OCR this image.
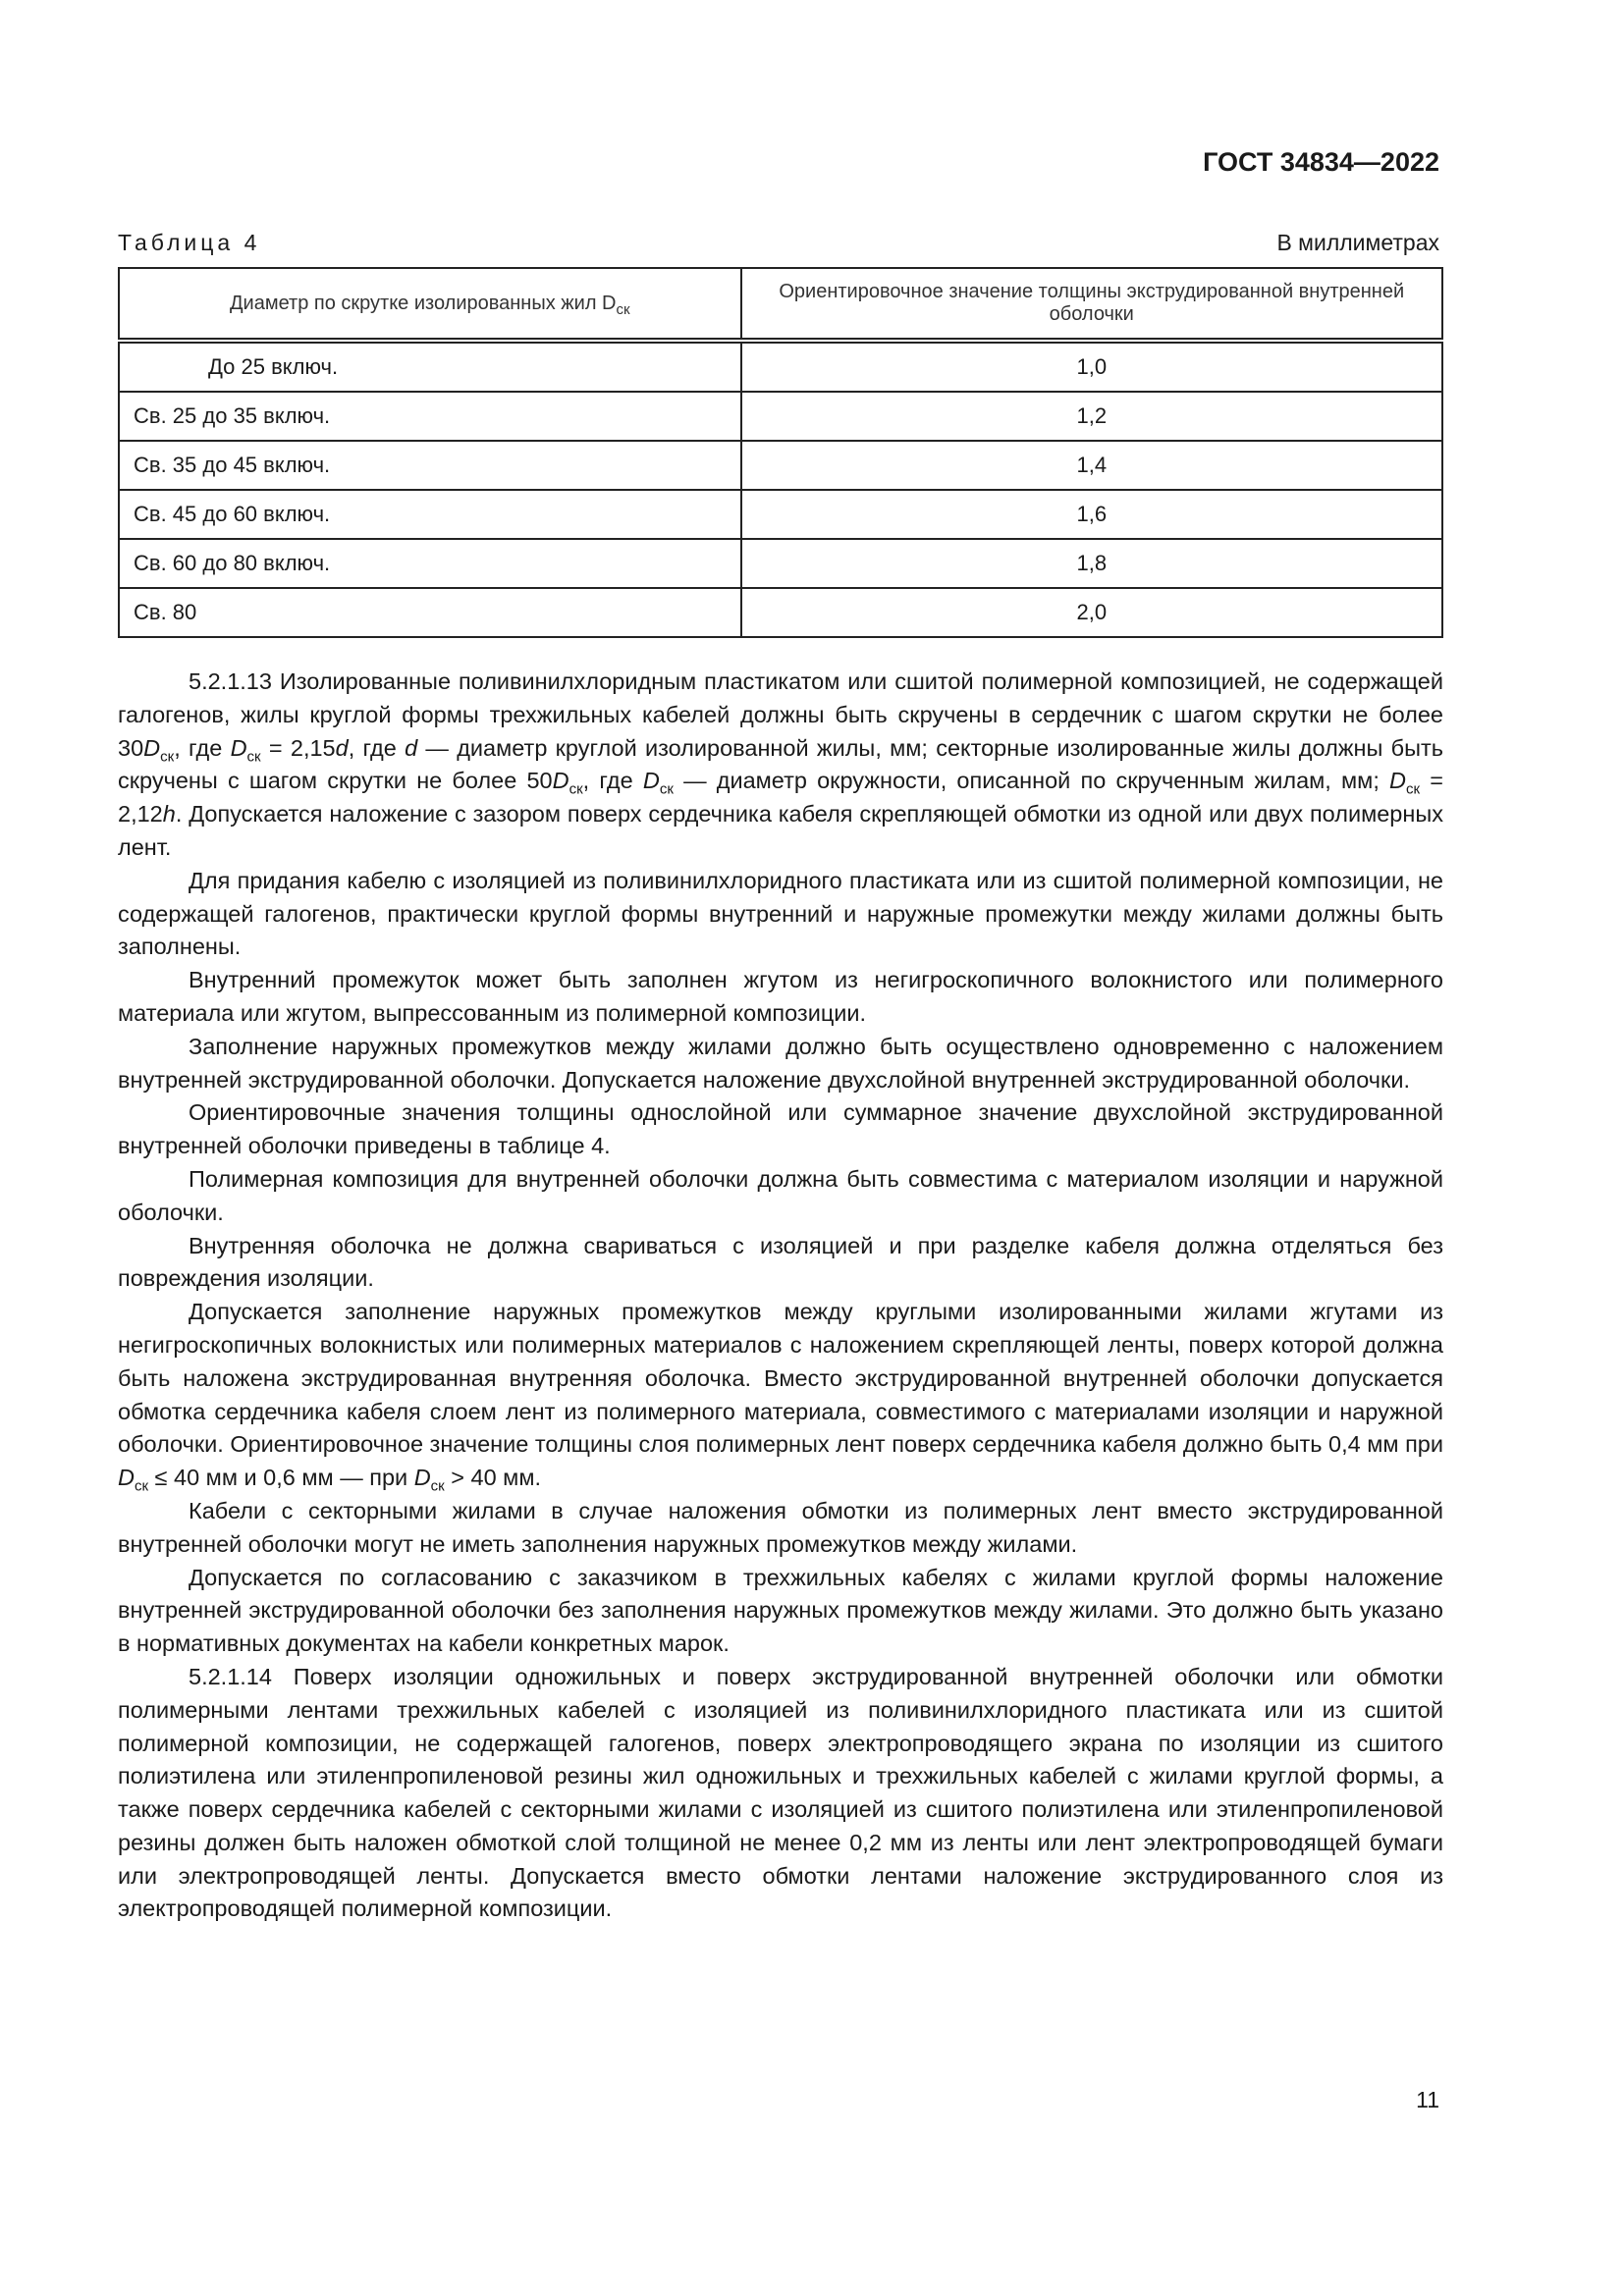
ГОСТ 34834—2022
Таблица 4	В миллиметрах
Диаметр по скрутке изолированных жил $D_{ск}$	Ориентировочное значение толщины экструдированной внутренней оболочки
До 25 включ.	1,0
Св. 25 до 35 включ.	1,2
Св. 35 до 45 включ.	1,4
Св. 45 до 60 включ.	1,6
Св. 60 до 80 включ.	1,8
Св. 80	2,0

5.2.1.13 Изолированные поливинилхлоридным пластикатом или сшитой полимерной композицией, не содержащей галогенов, жилы круглой формы трехжильных кабелей должны быть скручены в сердечник с шагом скрутки не более $30D_{ск}$, где $D_{ск} = 2,15d$, где d — диаметр круглой изолированной жилы, мм; секторные изолированные жилы должны быть скручены с шагом скрутки не более $50D_{ск}$, где $D_{ск}$ — диаметр окружности, описанной по скрученным жилам, мм; $D_{ск} = 2,12h$. Допускается наложение с зазором поверх сердечника кабеля скрепляющей обмотки из одной или двух полимерных лент.

Для придания кабелю с изоляцией из поливинилхлоридного пластиката или из сшитой полимерной композиции, не содержащей галогенов, практически круглой формы внутренний и наружные промежутки между жилами должны быть заполнены.

Внутренний промежуток может быть заполнен жгутом из негигроскопичного волокнистого или полимерного материала или жгутом, выпрессованным из полимерной композиции.

Заполнение наружных промежутков между жилами должно быть осуществлено одновременно с наложением внутренней экструдированной оболочки. Допускается наложение двухслойной внутренней экструдированной оболочки.

Ориентировочные значения толщины однослойной или суммарное значение двухслойной экструдированной внутренней оболочки приведены в таблице 4.

Полимерная композиция для внутренней оболочки должна быть совместима с материалом изоляции и наружной оболочки.

Внутренняя оболочка не должна свариваться с изоляцией и при разделке кабеля должна отделяться без повреждения изоляции.

Допускается заполнение наружных промежутков между круглыми изолированными жилами жгутами из негигроскопичных волокнистых или полимерных материалов с наложением скрепляющей ленты, поверх которой должна быть наложена экструдированная внутренняя оболочка. Вместо экструдированной внутренней оболочки допускается обмотка сердечника кабеля слоем лент из полимерного материала, совместимого с материалами изоляции и наружной оболочки. Ориентировочное значение толщины слоя полимерных лент поверх сердечника кабеля должно быть 0,4 мм при $D_{ск} \le 40$ мм и 0,6 мм — при $D_{ск} > 40$ мм.

Кабели с секторными жилами в случае наложения обмотки из полимерных лент вместо экструдированной внутренней оболочки могут не иметь заполнения наружных промежутков между жилами.

Допускается по согласованию с заказчиком в трехжильных кабелях с жилами круглой формы наложение внутренней экструдированной оболочки без заполнения наружных промежутков между жилами. Это должно быть указано в нормативных документах на кабели конкретных марок.

5.2.1.14 Поверх изоляции одножильных и поверх экструдированной внутренней оболочки или обмотки полимерными лентами трехжильных кабелей с изоляцией из поливинилхлоридного пластиката или из сшитой полимерной композиции, не содержащей галогенов, поверх электропроводящего экрана по изоляции из сшитого полиэтилена или этиленпропиленовой резины жил одножильных и трехжильных кабелей с жилами круглой формы, а также поверх сердечника кабелей с секторными жилами с изоляцией из сшитого полиэтилена или этиленпропиленовой резины должен быть наложен обмоткой слой толщиной не менее 0,2 мм из ленты или лент электропроводящей бумаги или электропроводящей ленты. Допускается вместо обмотки лентами наложение экструдированного слоя из электропроводящей полимерной композиции.

11
